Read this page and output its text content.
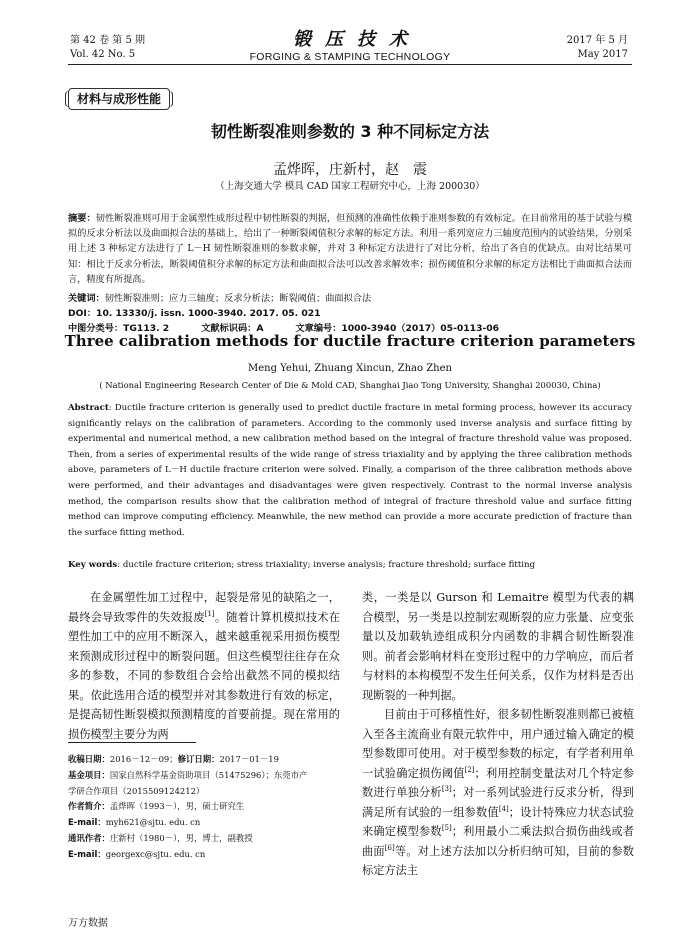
第 42 卷 第 5 期
Vol. 42 No. 5
锻压技术
FORGING & STAMPING TECHNOLOGY
2017 年 5 月
May 2017
材料与成形性能
韧性断裂准则参数的 3 种不同标定方法
孟烨晖，庄新村，赵　震
（上海交通大学 模具 CAD 国家工程研究中心，上海 200030）
摘要：韧性断裂准则可用于金属塑性成形过程中韧性断裂的判据，但预测的准确性依赖于准则参数的有效标定。在目前常用的基于试验与模拟的反求分析法以及曲面拟合法的基础上，给出了一种断裂阈值积分求解的标定方法。利用一系列宽应力三轴度范围内的试验结果，分别采用上述 3 种标定方法进行了 L－H 韧性断裂准则的参数求解，并对 3 种标定方法进行了对比分析，给出了各自的优缺点。由对比结果可知：相比于反求分析法，断裂阈值积分求解的标定方法和曲面拟合法可以改善求解效率；损伤阈值积分求解的标定方法相比于曲面拟合法而言，精度有所提高。
关键词：韧性断裂准则；应力三轴度；反求分析法；断裂阈值；曲面拟合法
DOI：10. 13330/j. issn. 1000-3940. 2017. 05. 021
中图分类号：TG113. 2	文献标识码：A	文章编号：1000-3940（2017）05-0113-06
Three calibration methods for ductile fracture criterion parameters
Meng Yehui, Zhuang Xincun, Zhao Zhen
( National Engineering Research Center of Die & Mold CAD, Shanghai Jiao Tong University, Shanghai 200030, China)
Abstract: Ductile fracture criterion is generally used to predict ductile fracture in metal forming process, however its accuracy significantly relays on the calibration of parameters. According to the commonly used inverse analysis and surface fitting by experimental and numerical method, a new calibration method based on the integral of fracture threshold value was proposed. Then, from a series of experimental results of the wide range of stress triaxiality and by applying the three calibration methods above, parameters of L－H ductile fracture criterion were solved. Finally, a comparison of the three calibration methods above were performed, and their advantages and disadvantages were given respectively. Contrast to the normal inverse analysis method, the comparison results show that the calibration method of integral of fracture threshold value and surface fitting method can improve computing efficiency. Meanwhile, the new method can provide a more accurate prediction of fracture than the surface fitting method.
Key words: ductile fracture criterion; stress triaxiality; inverse analysis; fracture threshold; surface fitting
在金属塑性加工过程中，起裂是常见的缺陷之一，最终会导致零件的失效报废[1]。随着计算机模拟技术在塑性加工中的应用不断深入，越来越重视采用损伤模型来预测成形过程中的断裂问题。但这些模型往往存在众多的参数，不同的参数组合会给出截然不同的模拟结果。依此选用合适的模型并对其参数进行有效的标定，是提高韧性断裂模拟预测精度的首要前提。现在常用的损伤模型主要分为两

类，一类是以 Gurson 和 Lemaitre 模型为代表的耦合模型，另一类是以控制宏观断裂的应力张量、应变张量以及加载轨迹组成积分内函数的非耦合韧性断裂准则。前者会影响材料在变形过程中的力学响应，而后者与材料的本构模型不发生任何关系，仅作为材料是否出现断裂的一种判据。

目前由于可移植性好，很多韧性断裂准则都已被植入至各主流商业有限元软件中，用户通过输入确定的模型参数即可使用。对于模型参数的标定，有学者利用单一试验确定损伤阈值[2]；利用控制变量法对几个特定参数进行单独分析[3]；对一系列试验进行反求分析，得到满足所有试验的一组参数值[4]；设计特殊应力状态试验来确定模型参数[5]；利用最小二乘法拟合损伤曲线或者曲面[6]等。对上述方法加以分析归纳可知，目前的参数标定方法主

收稿日期：2016－12－09；修订日期：2017－01－19
基金项目：国家自然科学基金资助项目（51475296）；东莞市产
学研合作项目（2015509124212）
作者简介：孟烨晖（1993－），男，硕士研究生
E-mail：myh621@sjtu. edu. cn
通讯作者：庄新村（1980－），男，博士，副教授
E-mail：georgexc@sjtu. edu. cn
万方数据
